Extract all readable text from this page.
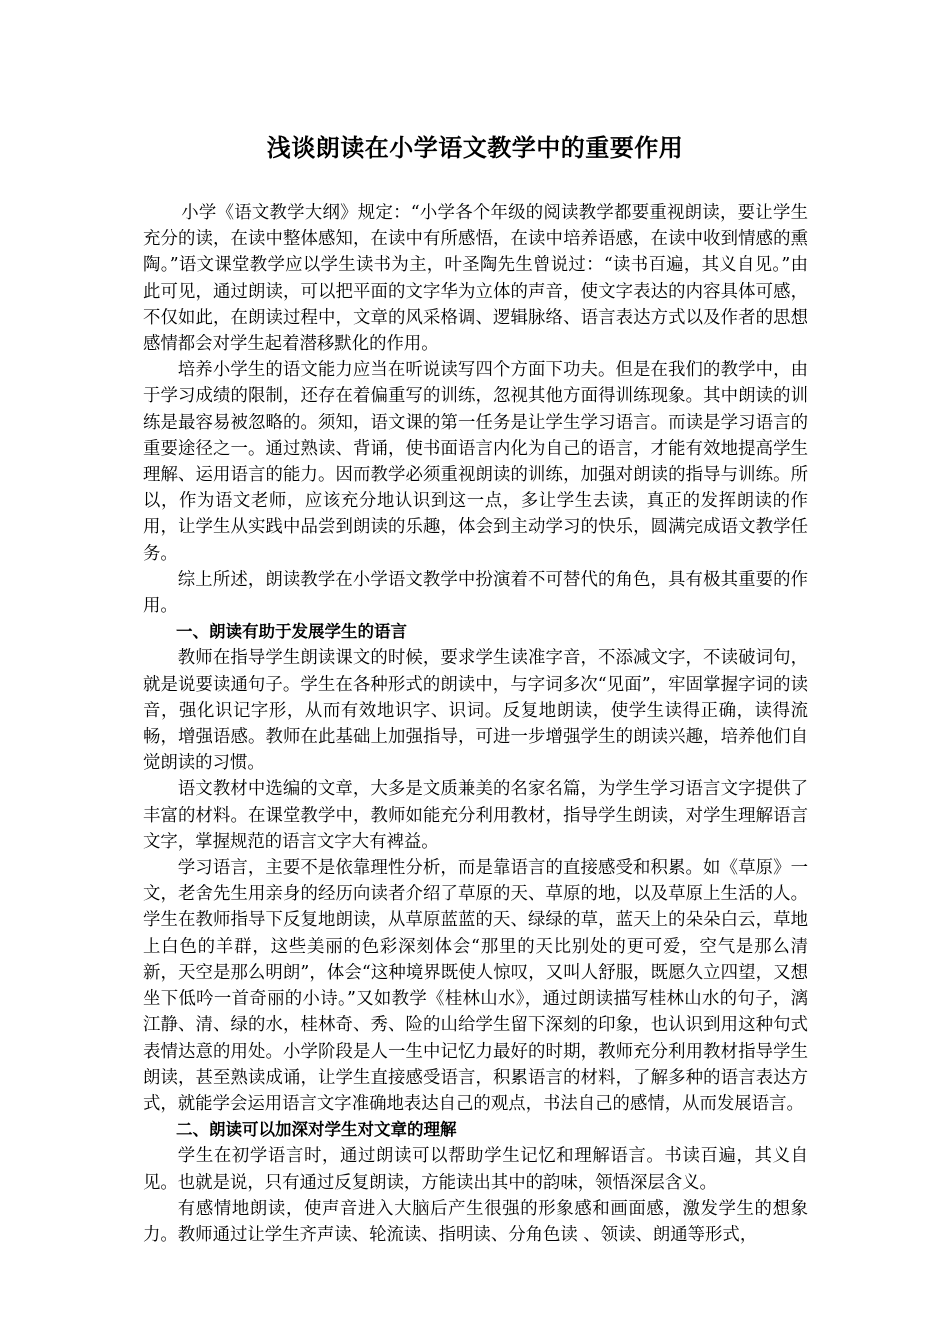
浅谈朗读在小学语文教学中的重要作用

小学《语文教学大纲》规定：“小学各个年级的阅读教学都要重视朗读，要让学生充分的读，在读中整体感知，在读中有所感悟，在读中培养语感，在读中收到情感的熏陶。”语文课堂教学应以学生读书为主，叶圣陶先生曾说过：“读书百遍，其义自见。”由此可见，通过朗读，可以把平面的文字华为立体的声音，使文字表达的内容具体可感，不仅如此，在朗读过程中，文章的风采格调、逻辑脉络、语言表达方式以及作者的思想感情都会对学生起着潜移默化的作用。

培养小学生的语文能力应当在听说读写四个方面下功夫。但是在我们的教学中，由于学习成绩的限制，还存在着偏重写的训练，忽视其他方面得训练现象。其中朗读的训练是最容易被忽略的。须知，语文课的第一任务是让学生学习语言。而读是学习语言的重要途径之一。通过熟读、背诵，使书面语言内化为自己的语言，才能有效地提高学生理解、运用语言的能力。因而教学必须重视朗读的训练，加强对朗读的指导与训练。所以，作为语文老师，应该充分地认识到这一点，多让学生去读，真正的发挥朗读的作用，让学生从实践中品尝到朗读的乐趣，体会到主动学习的快乐，圆满完成语文教学任务。

综上所述，朗读教学在小学语文教学中扮演着不可替代的角色，具有极其重要的作用。

一、朗读有助于发展学生的语言

教师在指导学生朗读课文的时候，要求学生读准字音，不添减文字，不读破词句，就是说要读通句子。学生在各种形式的朗读中，与字词多次“见面”，牢固掌握字词的读音，强化识记字形，从而有效地识字、识词。反复地朗读，使学生读得正确，读得流畅，增强语感。教师在此基础上加强指导，可进一步增强学生的朗读兴趣，培养他们自觉朗读的习惯。

语文教材中选编的文章，大多是文质兼美的名家名篇，为学生学习语言文字提供了丰富的材料。在课堂教学中，教师如能充分利用教材，指导学生朗读，对学生理解语言文字，掌握规范的语言文字大有裨益。

学习语言，主要不是依靠理性分析，而是靠语言的直接感受和积累。如《草原》一文，老舍先生用亲身的经历向读者介绍了草原的天、草原的地，以及草原上生活的人。学生在教师指导下反复地朗读，从草原蓝蓝的天、绿绿的草，蓝天上的朵朵白云，草地上白色的羊群，这些美丽的色彩深刻体会“那里的天比别处的更可爱，空气是那么清新，天空是那么明朗”，体会“这种境界既使人惊叹，又叫人舒服，既愿久立四望，又想坐下低吟一首奇丽的小诗。”又如教学《桂林山水》，通过朗读描写桂林山水的句子，漓江静、清、绿的水，桂林奇、秀、险的山给学生留下深刻的印象，也认识到用这种句式表情达意的用处。小学阶段是人一生中记忆力最好的时期，教师充分利用教材指导学生朗读，甚至熟读成诵，让学生直接感受语言，积累语言的材料，了解多种的语言表达方式，就能学会运用语言文字准确地表达自己的观点，书法自己的感情，从而发展语言。

二、朗读可以加深对学生对文章的理解

学生在初学语言时，通过朗读可以帮助学生记忆和理解语言。书读百遍，其义自见。也就是说，只有通过反复朗读，方能读出其中的韵味，领悟深层含义。

有感情地朗读，使声音进入大脑后产生很强的形象感和画面感，激发学生的想象力。教师通过让学生齐声读、轮流读、指明读、分角色读 、领读、朗通等形式，
